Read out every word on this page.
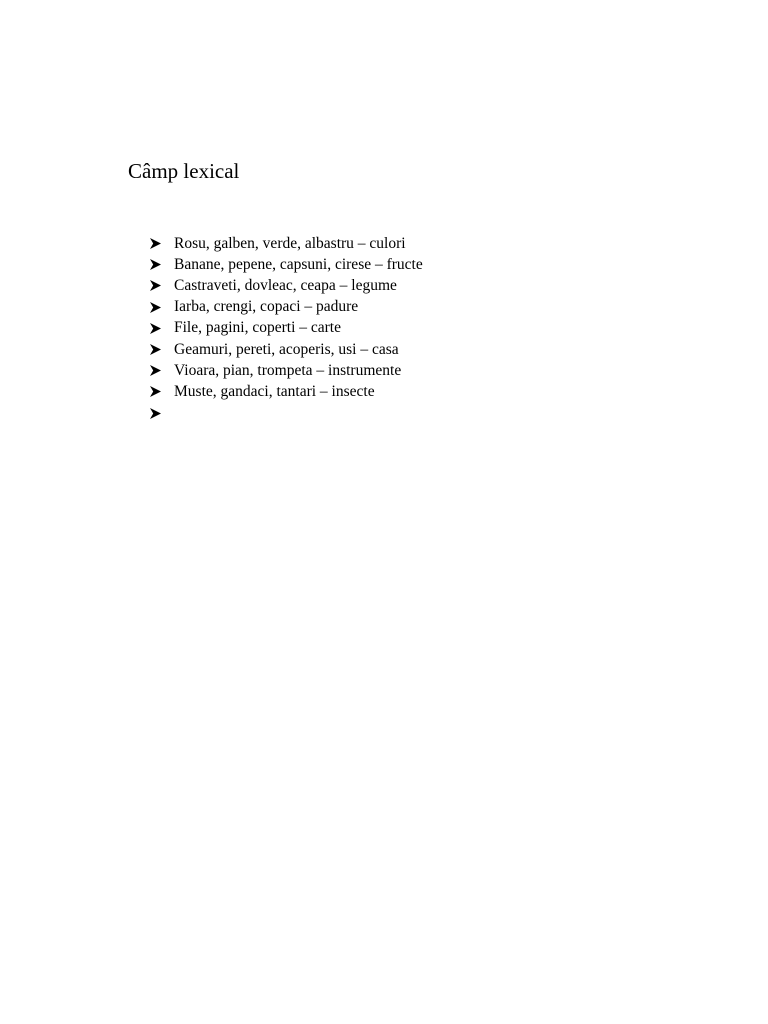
Câmp lexical
Rosu, galben, verde, albastru – culori
Banane, pepene, capsuni, cirese – fructe
Castraveti, dovleac, ceapa – legume
Iarba, crengi, copaci – padure
File, pagini, coperti – carte
Geamuri, pereti, acoperis, usi – casa
Vioara, pian, trompeta – instrumente
Muste, gandaci, tantari – insecte
